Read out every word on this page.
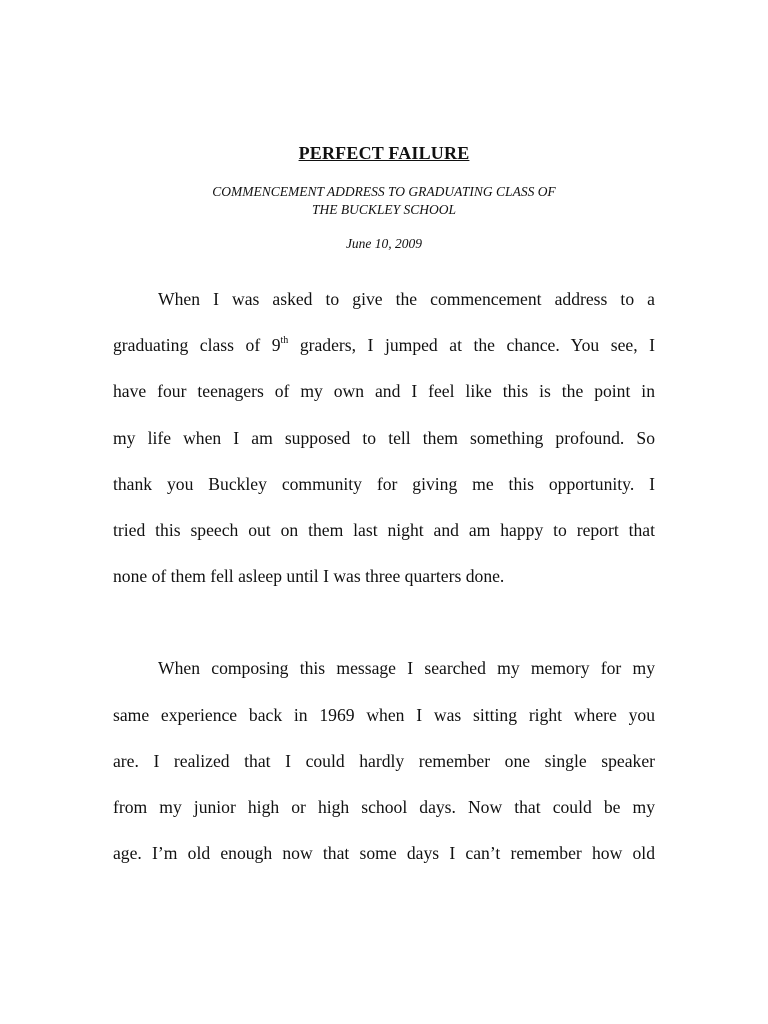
PERFECT FAILURE
COMMENCEMENT ADDRESS TO GRADUATING CLASS OF
THE BUCKLEY SCHOOL
June 10, 2009
When I was asked to give the commencement address to a
graduating class of 9th graders, I jumped at the chance. You see, I
have four teenagers of my own and I feel like this is the point in
my life when I am supposed to tell them something profound. So
thank you Buckley community for giving me this opportunity. I
tried this speech out on them last night and am happy to report that
none of them fell asleep until I was three quarters done.
When composing this message I searched my memory for my
same experience back in 1969 when I was sitting right where you
are. I realized that I could hardly remember one single speaker
from my junior high or high school days. Now that could be my
age. I’m old enough now that some days I can’t remember how old
